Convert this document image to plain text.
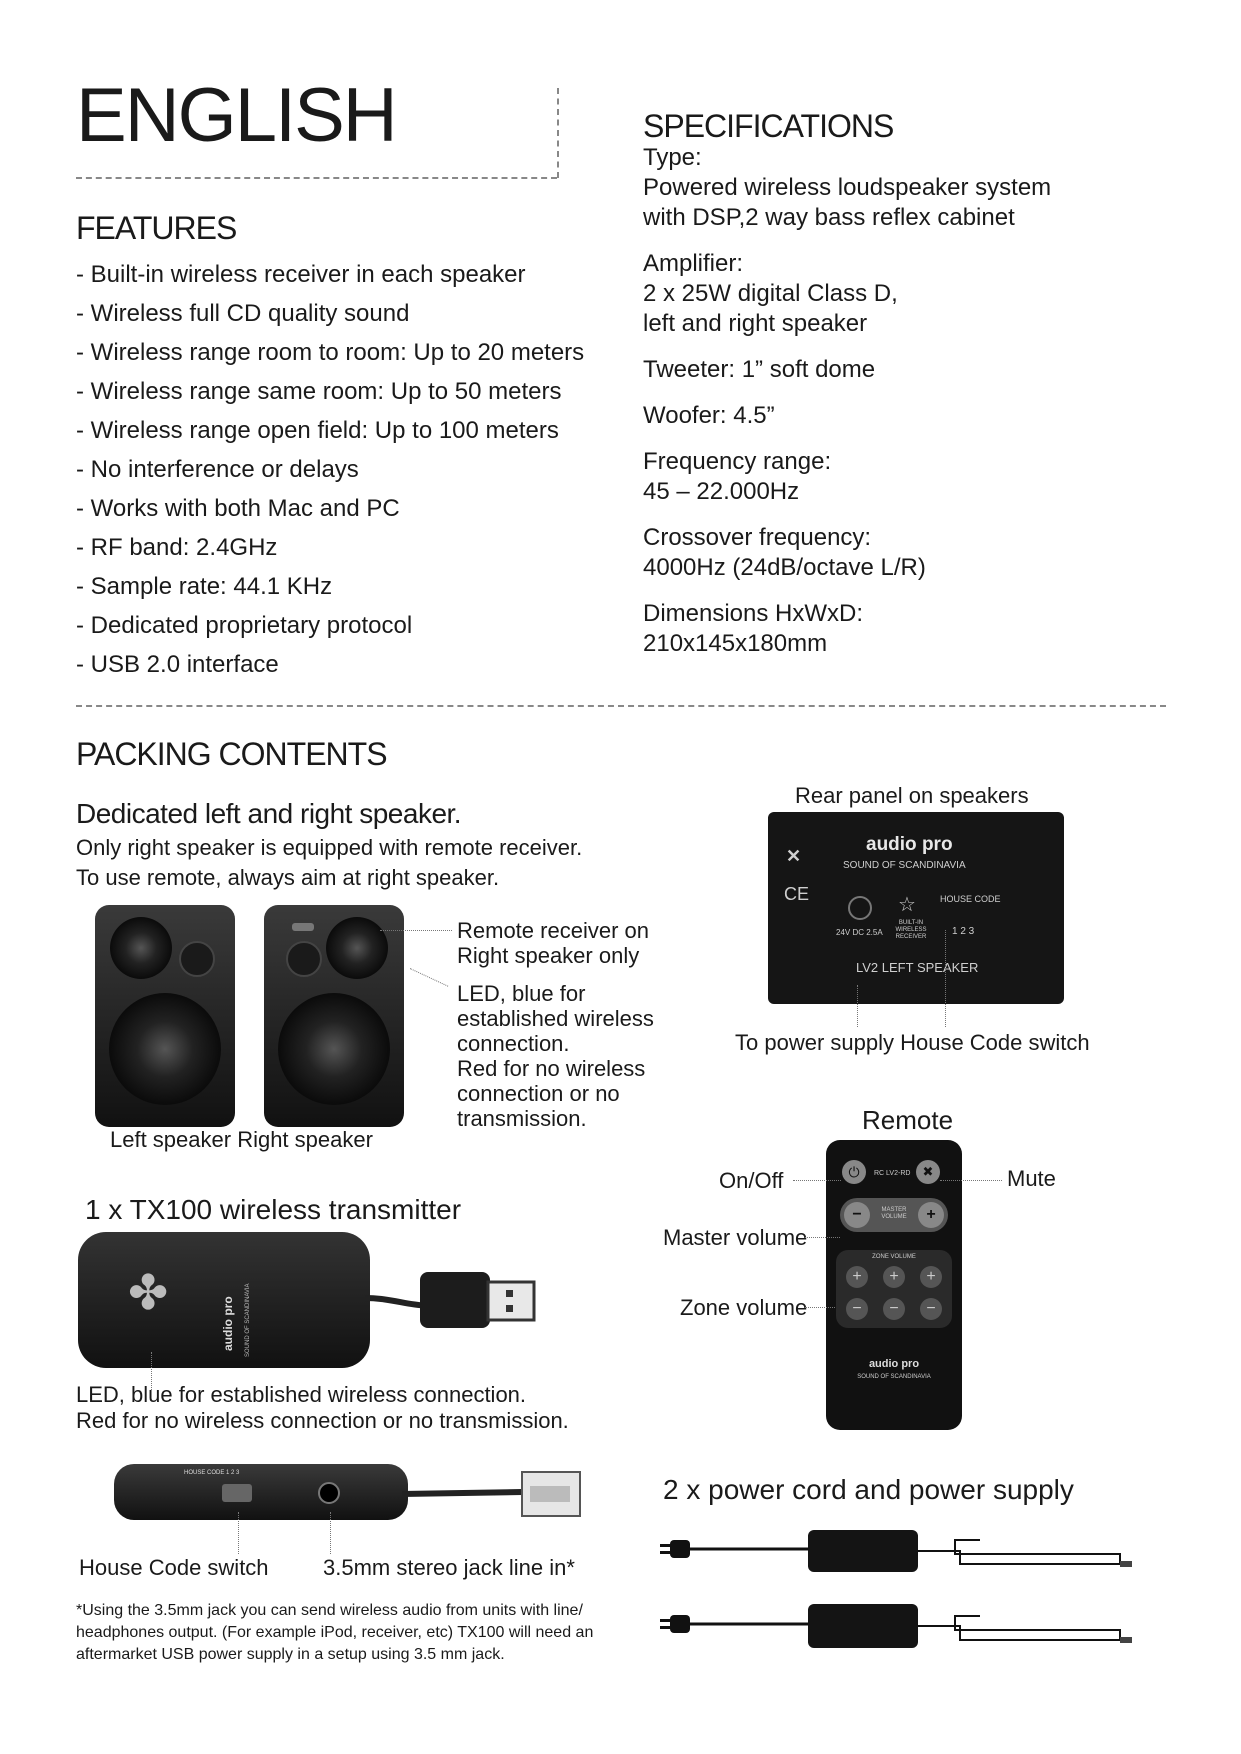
ENGLISH
FEATURES
- Built-in wireless receiver in each speaker
- Wireless full CD quality sound
- Wireless range room to room: Up to 20 meters
- Wireless range same room: Up to 50 meters
- Wireless range open field: Up to 100 meters
- No interference or delays
- Works with both Mac and PC
- RF band: 2.4GHz
- Sample rate: 44.1 KHz
- Dedicated proprietary protocol
- USB 2.0 interface
SPECIFICATIONS
Type:
Powered wireless loudspeaker system
with DSP,2 way bass reflex cabinet
Amplifier:
2 x 25W digital Class D,
left and right speaker
Tweeter: 1” soft dome
Woofer: 4.5”
Frequency range:
45 – 22.000Hz
Crossover frequency:
4000Hz (24dB/octave L/R)
Dimensions HxWxD:
210x145x180mm
PACKING CONTENTS
Dedicated left and right speaker.
Only right speaker is equipped with remote receiver.
To use remote, always aim at right speaker.
Remote receiver on
Right speaker only
LED, blue for
established wireless
connection.
Red for no wireless
connection or no
transmission.
Left speaker Right speaker
Rear panel on speakers
✕
CE
audio pro
SOUND OF SCANDINAVIA
24V DC 2.5A
☆
BUILT-IN WIRELESS RECEIVER
HOUSE CODE
1 2 3
LV2 LEFT SPEAKER
To power supply House Code switch
Remote
⏻	✖
RC LV2-RD
−	MASTER VOLUME	+
ZONE VOLUME
+	+	+
−	−	−
audio pro
SOUND OF SCANDINAVIA
On/Off	Mute
Master volume
Zone volume
1 x TX100 wireless transmitter
✤
audio pro SOUND OF SCANDINAVIA
LED, blue for established wireless connection.
Red for no wireless connection or no transmission.
HOUSE CODE 1 2 3
House Code switch 3.5mm stereo jack line in*
*Using the 3.5mm jack you can send wireless audio from units with line/
headphones output. (For example iPod, receiver, etc) TX100 will need an
aftermarket USB power supply in a setup using 3.5 mm jack.
2 x power cord and power supply
